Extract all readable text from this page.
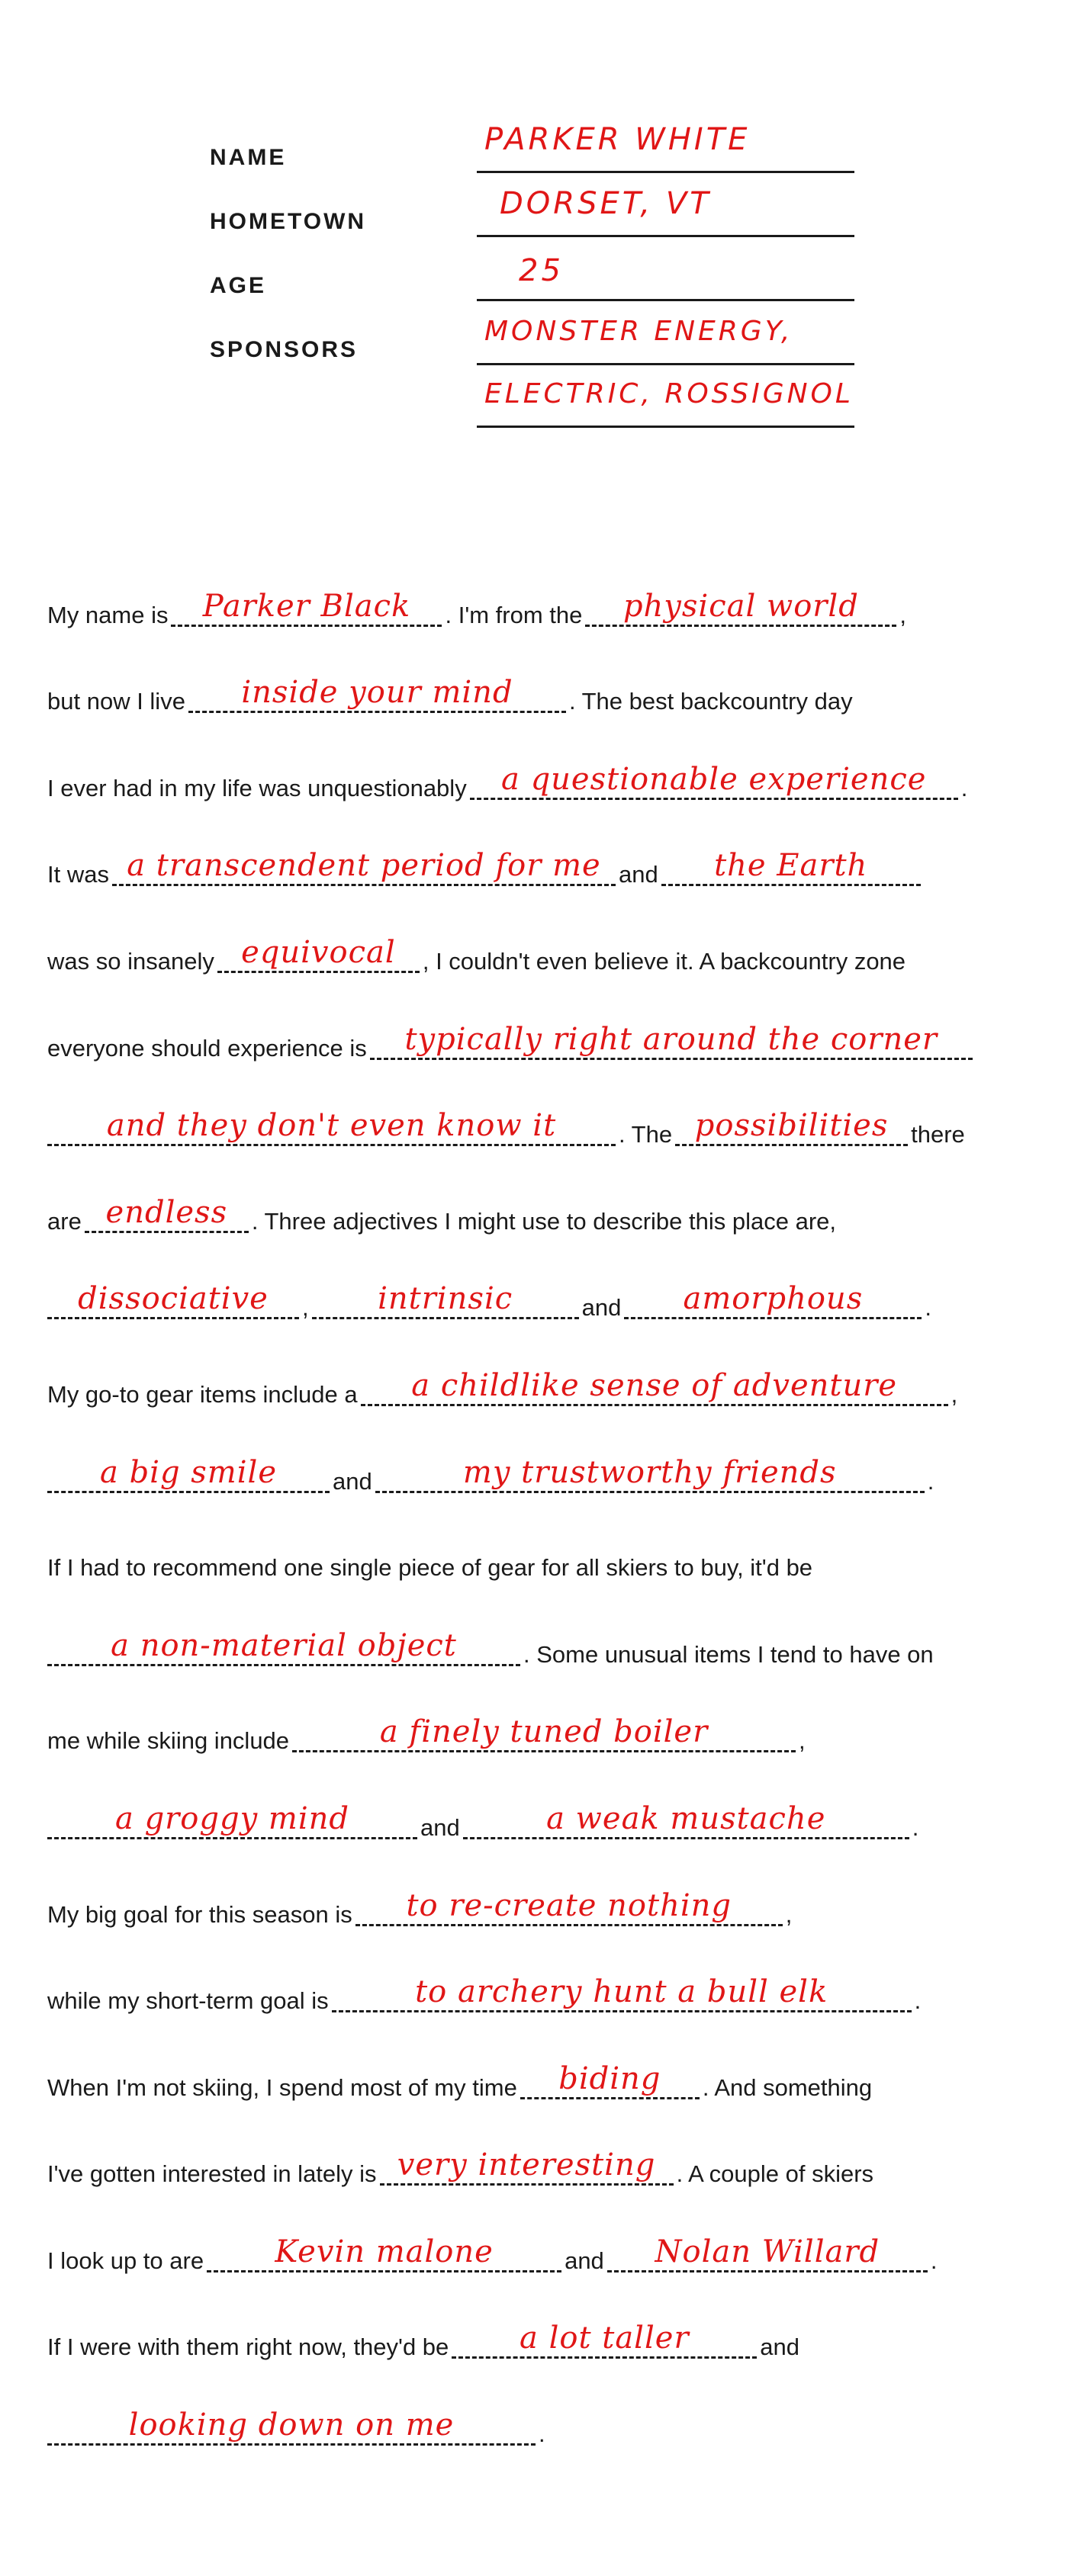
NAME
PARKER WHITE
HOMETOWN
DORSET, VT
AGE	25
SPONSORS
MONSTER ENERGY,
ELECTRIC, ROSSIGNOL
My name is	Parker Black	. I'm from the	physical world	,
but now I live	inside your mind	. The best backcountry day
I ever had in my life was unquestionably	a questionable experience	.
It was a transcendent period for me and	the Earth
was so insanely equivocal	, I couldn't even believe it. A backcountry zone
everyone should experience is	typically right around the corner
and they don't even know it	. The possibilities there
are endless	. Three adjectives I might use to describe this place are,
dissociative	,	intrinsic	and	amorphous	.
My go-to gear items include a	a childlike sense of adventure	,
a big smile	and	my trustworthy friends	.
If I had to recommend one single piece of gear for all skiers to buy, it'd be
a non-material object	. Some unusual items I tend to have on
me while skiing include	a finely tuned boiler	,
a groggy mind	and	a weak mustache	.
My big goal for this season is	to re-create nothing	,
while my short-term goal is	to archery hunt a bull elk	.
When I'm not skiing, I spend most of my time	biding	. And something
I've gotten interested in lately is very interesting . A couple of skiers
I look up to are	Kevin malone	and	Nolan Willard	.
If I were with them right now, they'd be	a lot taller	and
looking down on me	.
